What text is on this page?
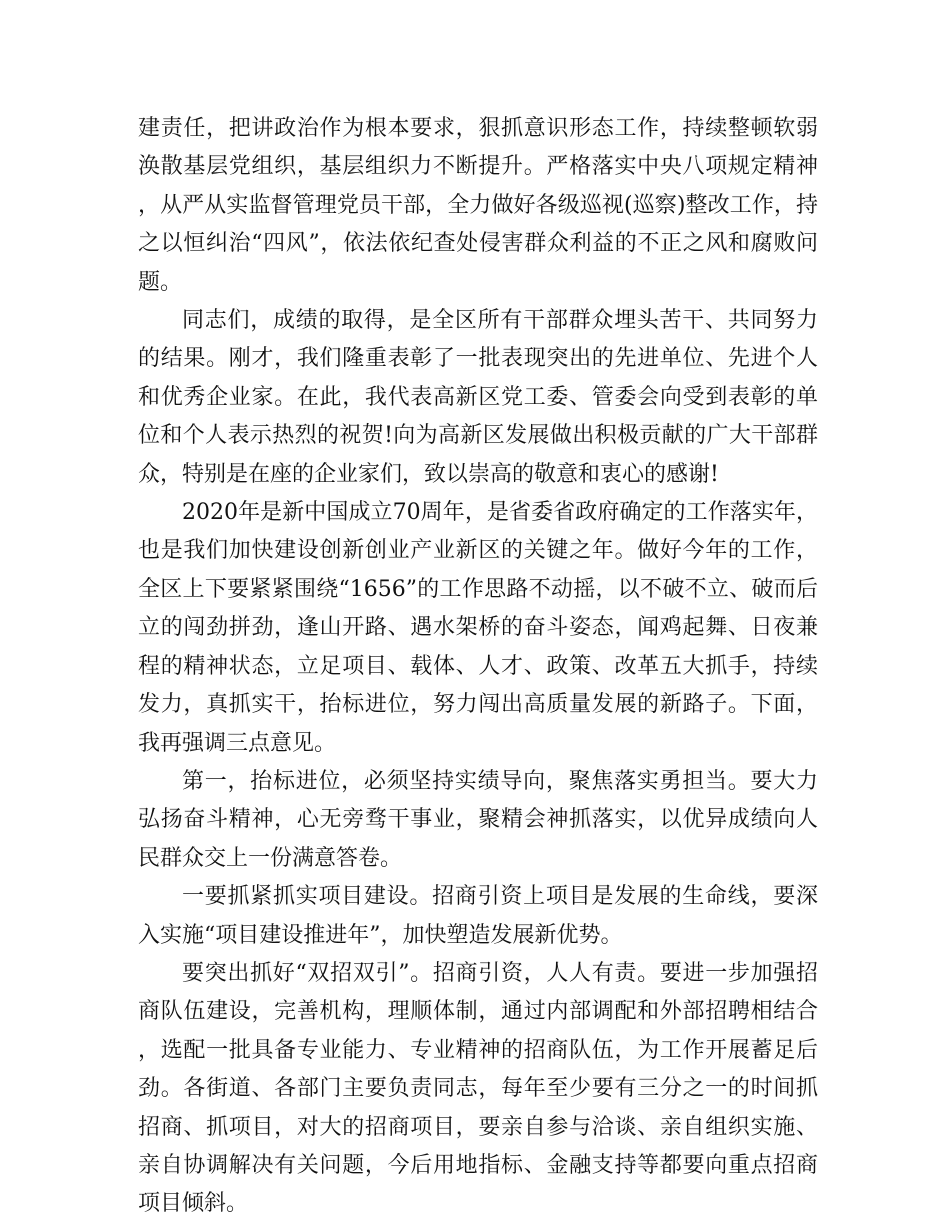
建责任，把讲政治作为根本要求，狠抓意识形态工作，持续整顿软弱涣散基层党组织，基层组织力不断提升。严格落实中央八项规定精神，从严从实监督管理党员干部，全力做好各级巡视(巡察)整改工作，持之以恒纠治“四风”，依法依纪查处侵害群众利益的不正之风和腐败问题。

同志们，成绩的取得，是全区所有干部群众埋头苦干、共同努力的结果。刚才，我们隆重表彰了一批表现突出的先进单位、先进个人和优秀企业家。在此，我代表高新区党工委、管委会向受到表彰的单位和个人表示热烈的祝贺!向为高新区发展做出积极贡献的广大干部群众，特别是在座的企业家们，致以崇高的敬意和衷心的感谢!

2020年是新中国成立70周年，是省委省政府确定的工作落实年，也是我们加快建设创新创业产业新区的关键之年。做好今年的工作，全区上下要紧紧围绕“1656”的工作思路不动摇，以不破不立、破而后立的闯劲拼劲，逢山开路、遇水架桥的奋斗姿态，闻鸡起舞、日夜兼程的精神状态，立足项目、载体、人才、政策、改革五大抓手，持续发力，真抓实干，抬标进位，努力闯出高质量发展的新路子。下面，我再强调三点意见。

第一，抬标进位，必须坚持实绩导向，聚焦落实勇担当。要大力弘扬奋斗精神，心无旁骛干事业，聚精会神抓落实，以优异成绩向人民群众交上一份满意答卷。

一要抓紧抓实项目建设。招商引资上项目是发展的生命线，要深入实施“项目建设推进年”，加快塑造发展新优势。

要突出抓好“双招双引”。招商引资，人人有责。要进一步加强招商队伍建设，完善机构，理顺体制，通过内部调配和外部招聘相结合，选配一批具备专业能力、专业精神的招商队伍，为工作开展蓄足后劲。各街道、各部门主要负责同志，每年至少要有三分之一的时间抓招商、抓项目，对大的招商项目，要亲自参与洽谈、亲自组织实施、亲自协调解决有关问题，今后用地指标、金融支持等都要向重点招商项目倾斜。
